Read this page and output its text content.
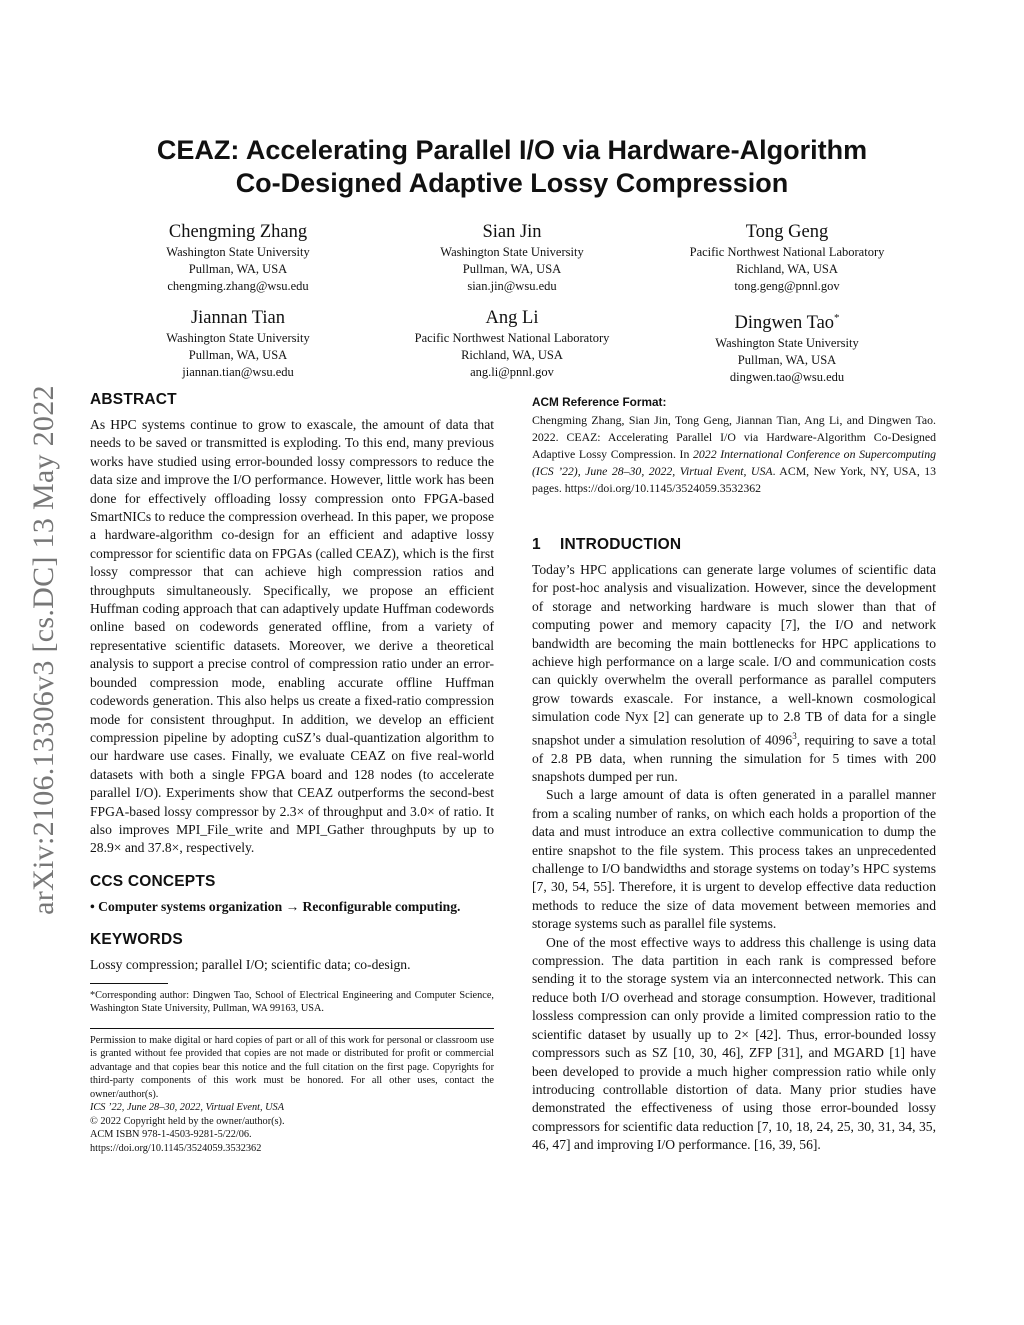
arXiv:2106.13306v3 [cs.DC] 13 May 2022
CEAZ: Accelerating Parallel I/O via Hardware-Algorithm
Co-Designed Adaptive Lossy Compression
Chengming Zhang
Washington State University
Pullman, WA, USA
chengming.zhang@wsu.edu
Sian Jin
Washington State University
Pullman, WA, USA
sian.jin@wsu.edu
Tong Geng
Pacific Northwest National Laboratory
Richland, WA, USA
tong.geng@pnnl.gov
Jiannan Tian
Washington State University
Pullman, WA, USA
jiannan.tian@wsu.edu
Ang Li
Pacific Northwest National Laboratory
Richland, WA, USA
ang.li@pnnl.gov
Dingwen Tao*
Washington State University
Pullman, WA, USA
dingwen.tao@wsu.edu
ABSTRACT

As HPC systems continue to grow to exascale, the amount of data that needs to be saved or transmitted is exploding. To this end, many previous works have studied using error-bounded lossy compressors to reduce the data size and improve the I/O performance. However, little work has been done for effectively offloading lossy compression onto FPGA-based SmartNICs to reduce the compression overhead. In this paper, we propose a hardware-algorithm co-design for an efficient and adaptive lossy compressor for scientific data on FPGAs (called CEAZ), which is the first lossy compressor that can achieve high compression ratios and throughputs simultaneously. Specifically, we propose an efficient Huffman coding approach that can adaptively update Huffman codewords online based on codewords generated offline, from a variety of representative scientific datasets. Moreover, we derive a theoretical analysis to support a precise control of compression ratio under an error-bounded compression mode, enabling accurate offline Huffman codewords generation. This also helps us create a fixed-ratio compression mode for consistent throughput. In addition, we develop an efficient compression pipeline by adopting cuSZ’s dual-quantization algorithm to our hardware use cases. Finally, we evaluate CEAZ on five real-world datasets with both a single FPGA board and 128 nodes (to accelerate parallel I/O). Experiments show that CEAZ outperforms the second-best FPGA-based lossy compressor by 2.3× of throughput and 3.0× of ratio. It also improves MPI_File_write and MPI_Gather throughputs by up to 28.9× and 37.8×, respectively.

CCS CONCEPTS

• Computer systems organization → Reconfigurable computing.

KEYWORDS

Lossy compression; parallel I/O; scientific data; co-design.

*Corresponding author: Dingwen Tao, School of Electrical Engineering and Computer Science, Washington State University, Pullman, WA 99163, USA.

Permission to make digital or hard copies of part or all of this work for personal or classroom use is granted without fee provided that copies are not made or distributed for profit or commercial advantage and that copies bear this notice and the full citation on the first page. Copyrights for third-party components of this work must be honored. For all other uses, contact the owner/author(s).

ICS ’22, June 28–30, 2022, Virtual Event, USA

© 2022 Copyright held by the owner/author(s).

ACM ISBN 978-1-4503-9281-5/22/06.

https://doi.org/10.1145/3524059.3532362

ACM Reference Format:

Chengming Zhang, Sian Jin, Tong Geng, Jiannan Tian, Ang Li, and Dingwen Tao. 2022. CEAZ: Accelerating Parallel I/O via Hardware-Algorithm Co-Designed Adaptive Lossy Compression. In 2022 International Conference on Supercomputing (ICS ’22), June 28–30, 2022, Virtual Event, USA. ACM, New York, NY, USA, 13 pages. https://doi.org/10.1145/3524059.3532362

1 INTRODUCTION

Today’s HPC applications can generate large volumes of scientific data for post-hoc analysis and visualization. However, since the development of storage and networking hardware is much slower than that of computing power and memory capacity [7], the I/O and network bandwidth are becoming the main bottlenecks for HPC applications to achieve high performance on a large scale. I/O and communication costs can quickly overwhelm the overall performance as parallel computers grow towards exascale. For instance, a well-known cosmological simulation code Nyx [2] can generate up to 2.8 TB of data for a single snapshot under a simulation resolution of 4096$^3$, requiring to save a total of 2.8 PB data, when running the simulation for 5 times with 200 snapshots dumped per run.

Such a large amount of data is often generated in a parallel manner from a scaling number of ranks, on which each holds a proportion of the data and must introduce an extra collective communication to dump the entire snapshot to the file system. This process takes an unprecedented challenge to I/O bandwidths and storage systems on today’s HPC systems [7, 30, 54, 55]. Therefore, it is urgent to develop effective data reduction methods to reduce the size of data movement between memories and storage systems such as parallel file systems.

One of the most effective ways to address this challenge is using data compression. The data partition in each rank is compressed before sending it to the storage system via an interconnected network. This can reduce both I/O overhead and storage consumption. However, traditional lossless compression can only provide a limited compression ratio to the scientific dataset by usually up to 2× [42]. Thus, error-bounded lossy compressors such as SZ [10, 30, 46], ZFP [31], and MGARD [1] have been developed to provide a much higher compression ratio while only introducing controllable distortion of data. Many prior studies have demonstrated the effectiveness of using those error-bounded lossy compressors for scientific data reduction [7, 10, 18, 24, 25, 30, 31, 34, 35, 46, 47] and improving I/O performance. [16, 39, 56].
